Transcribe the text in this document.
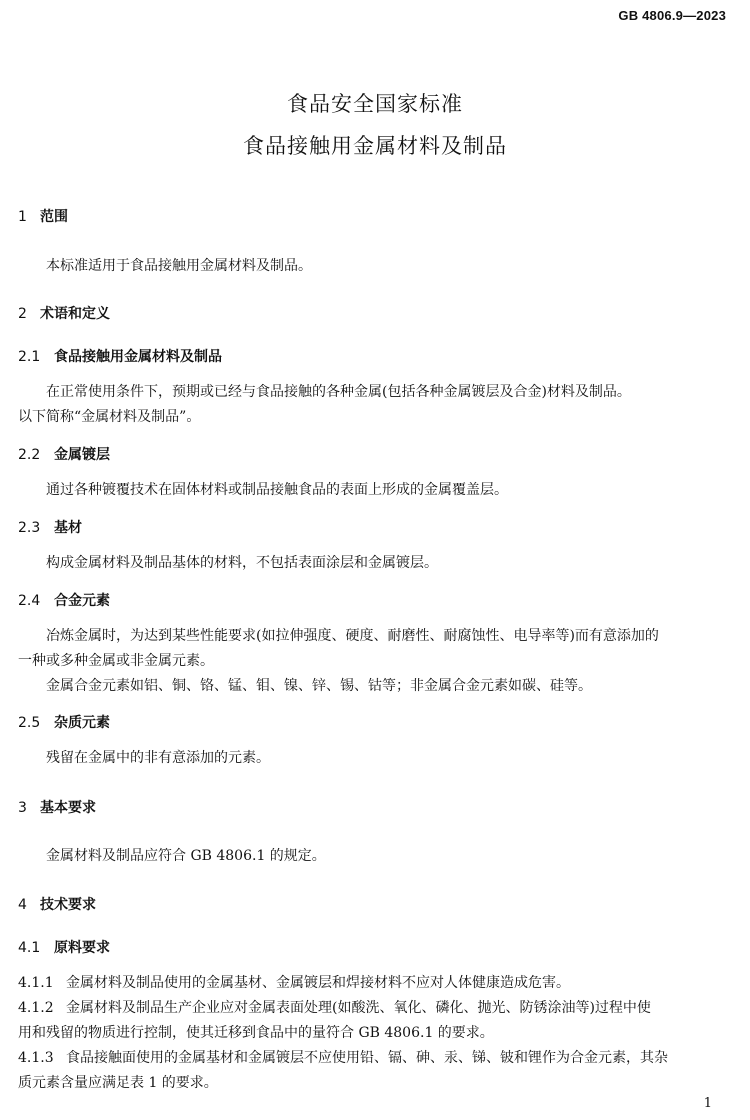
GB 4806.9—2023
食品安全国家标准
食品接触用金属材料及制品
1 范围
本标准适用于食品接触用金属材料及制品。
2 术语和定义
2.1 食品接触用金属材料及制品
在正常使用条件下，预期或已经与食品接触的各种金属(包括各种金属镀层及合金)材料及制品。
以下简称“金属材料及制品”。
2.2 金属镀层
通过各种镀覆技术在固体材料或制品接触食品的表面上形成的金属覆盖层。
2.3 基材
构成金属材料及制品基体的材料，不包括表面涂层和金属镀层。
2.4 合金元素
冶炼金属时，为达到某些性能要求(如拉伸强度、硬度、耐磨性、耐腐蚀性、电导率等)而有意添加的
一种或多种金属或非金属元素。
金属合金元素如铝、铜、铬、锰、钼、镍、锌、锡、钴等；非金属合金元素如碳、硅等。
2.5 杂质元素
残留在金属中的非有意添加的元素。
3 基本要求
金属材料及制品应符合 GB 4806.1 的规定。
4 技术要求
4.1 原料要求
4.1.1 金属材料及制品使用的金属基材、金属镀层和焊接材料不应对人体健康造成危害。
4.1.2 金属材料及制品生产企业应对金属表面处理(如酸洗、氧化、磷化、抛光、防锈涂油等)过程中使
用和残留的物质进行控制，使其迁移到食品中的量符合 GB 4806.1 的要求。
4.1.3 食品接触面使用的金属基材和金属镀层不应使用铅、镉、砷、汞、锑、铍和锂作为合金元素，其杂
质元素含量应满足表 1 的要求。
1
